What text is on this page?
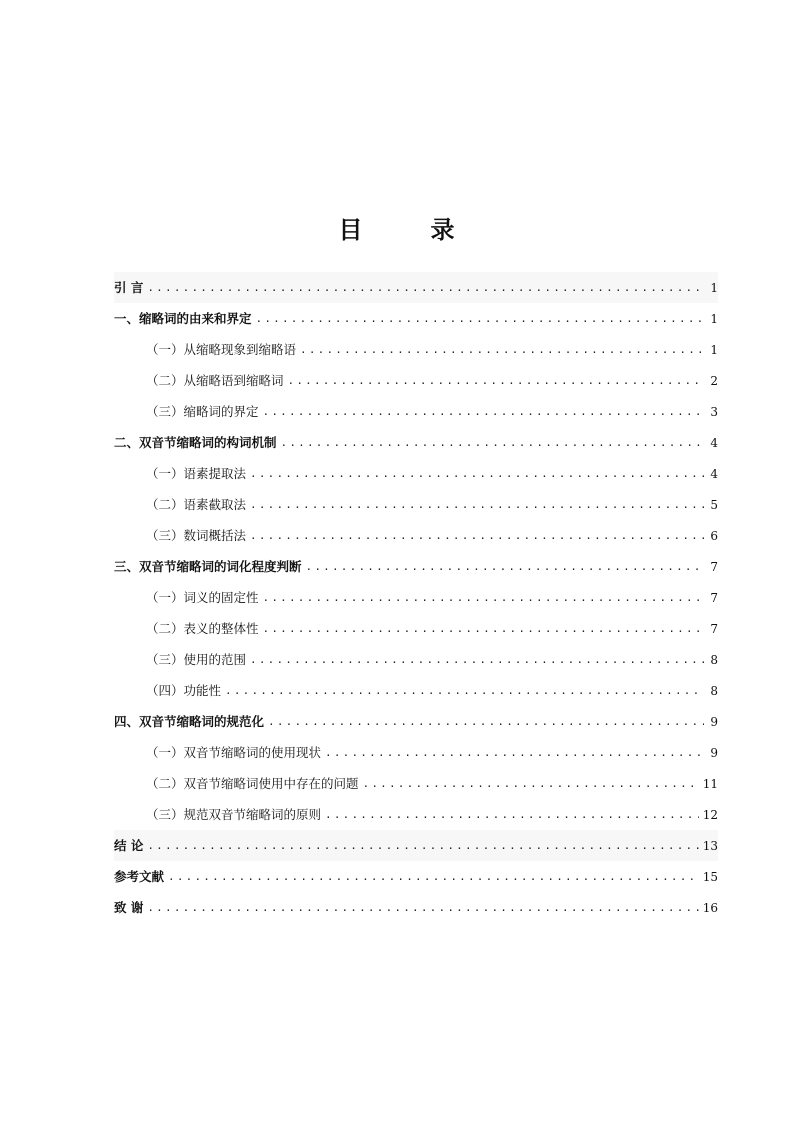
目　录
引 言 .....	1
一、缩略词的由来和界定 .....	1
（一）从缩略现象到缩略语 .....	1
（二）从缩略语到缩略词 .....	2
（三）缩略词的界定 .....	3
二、双音节缩略词的构词机制 .....	4
（一）语素提取法 .....	4
（二）语素截取法 .....	5
（三）数词概括法 .....	6
三、双音节缩略词的词化程度判断 .....	7
（一）词义的固定性 .....	7
（二）表义的整体性 .....	7
（三）使用的范围 .....	8
（四）功能性 .....	8
四、双音节缩略词的规范化 .....	9
（一）双音节缩略词的使用现状 .....	9
（二）双音节缩略词使用中存在的问题 .....	11
（三）规范双音节缩略词的原则 .....	12
结 论 .....	13
参考文献 .....	15
致 谢 .....	16
